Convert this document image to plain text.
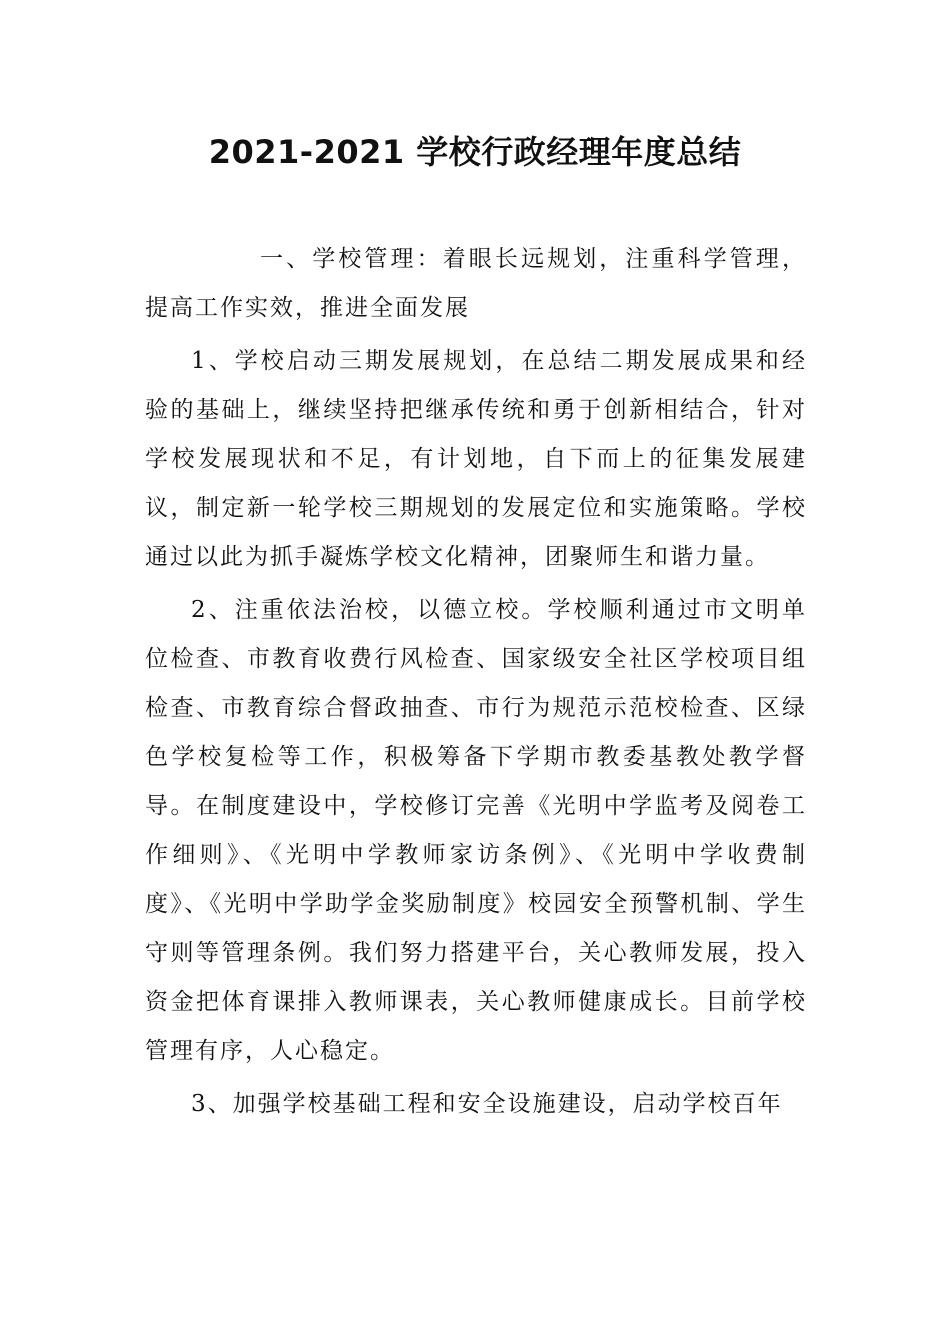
2021-2021 学校行政经理年度总结

一、学校管理：着眼长远规划，注重科学管理，提高工作实效，推进全面发展

1、学校启动三期发展规划，在总结二期发展成果和经验的基础上，继续坚持把继承传统和勇于创新相结合，针对学校发展现状和不足，有计划地，自下而上的征集发展建议，制定新一轮学校三期规划的发展定位和实施策略。学校通过以此为抓手凝炼学校文化精神，团聚师生和谐力量。

2、注重依法治校，以德立校。学校顺利通过市文明单位检查、市教育收费行风检查、国家级安全社区学校项目组检查、市教育综合督政抽查、市行为规范示范校检查、区绿色学校复检等工作，积极筹备下学期市教委基教处教学督导。在制度建设中，学校修订完善《光明中学监考及阅卷工作细则》、《光明中学教师家访条例》、《光明中学收费制度》、《光明中学助学金奖励制度》校园安全预警机制、学生守则等管理条例。我们努力搭建平台，关心教师发展，投入资金把体育课排入教师课表，关心教师健康成长。目前学校管理有序，人心稳定。

3、加强学校基础工程和安全设施建设，启动学校百年
